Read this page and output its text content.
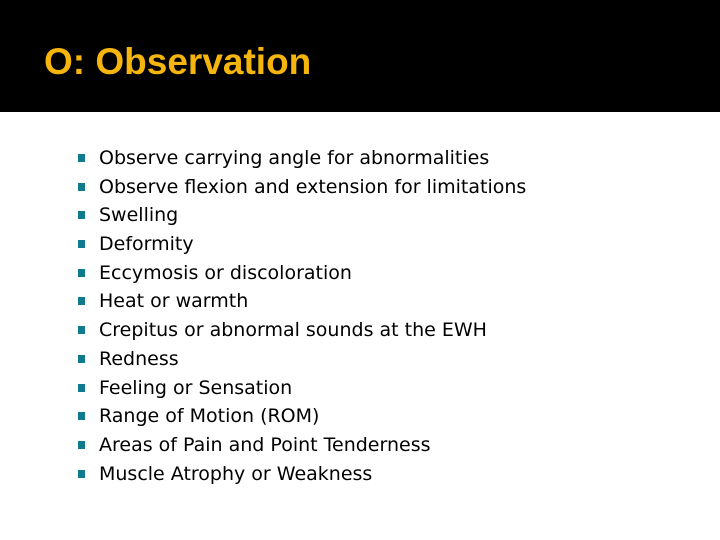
O: Observation
Observe carrying angle for abnormalities
Observe flexion and extension for limitations
Swelling
Deformity
Eccymosis or discoloration
Heat or warmth
Crepitus or abnormal sounds at the EWH
Redness
Feeling or Sensation
Range of Motion (ROM)
Areas of Pain and Point Tenderness
Muscle Atrophy or Weakness
